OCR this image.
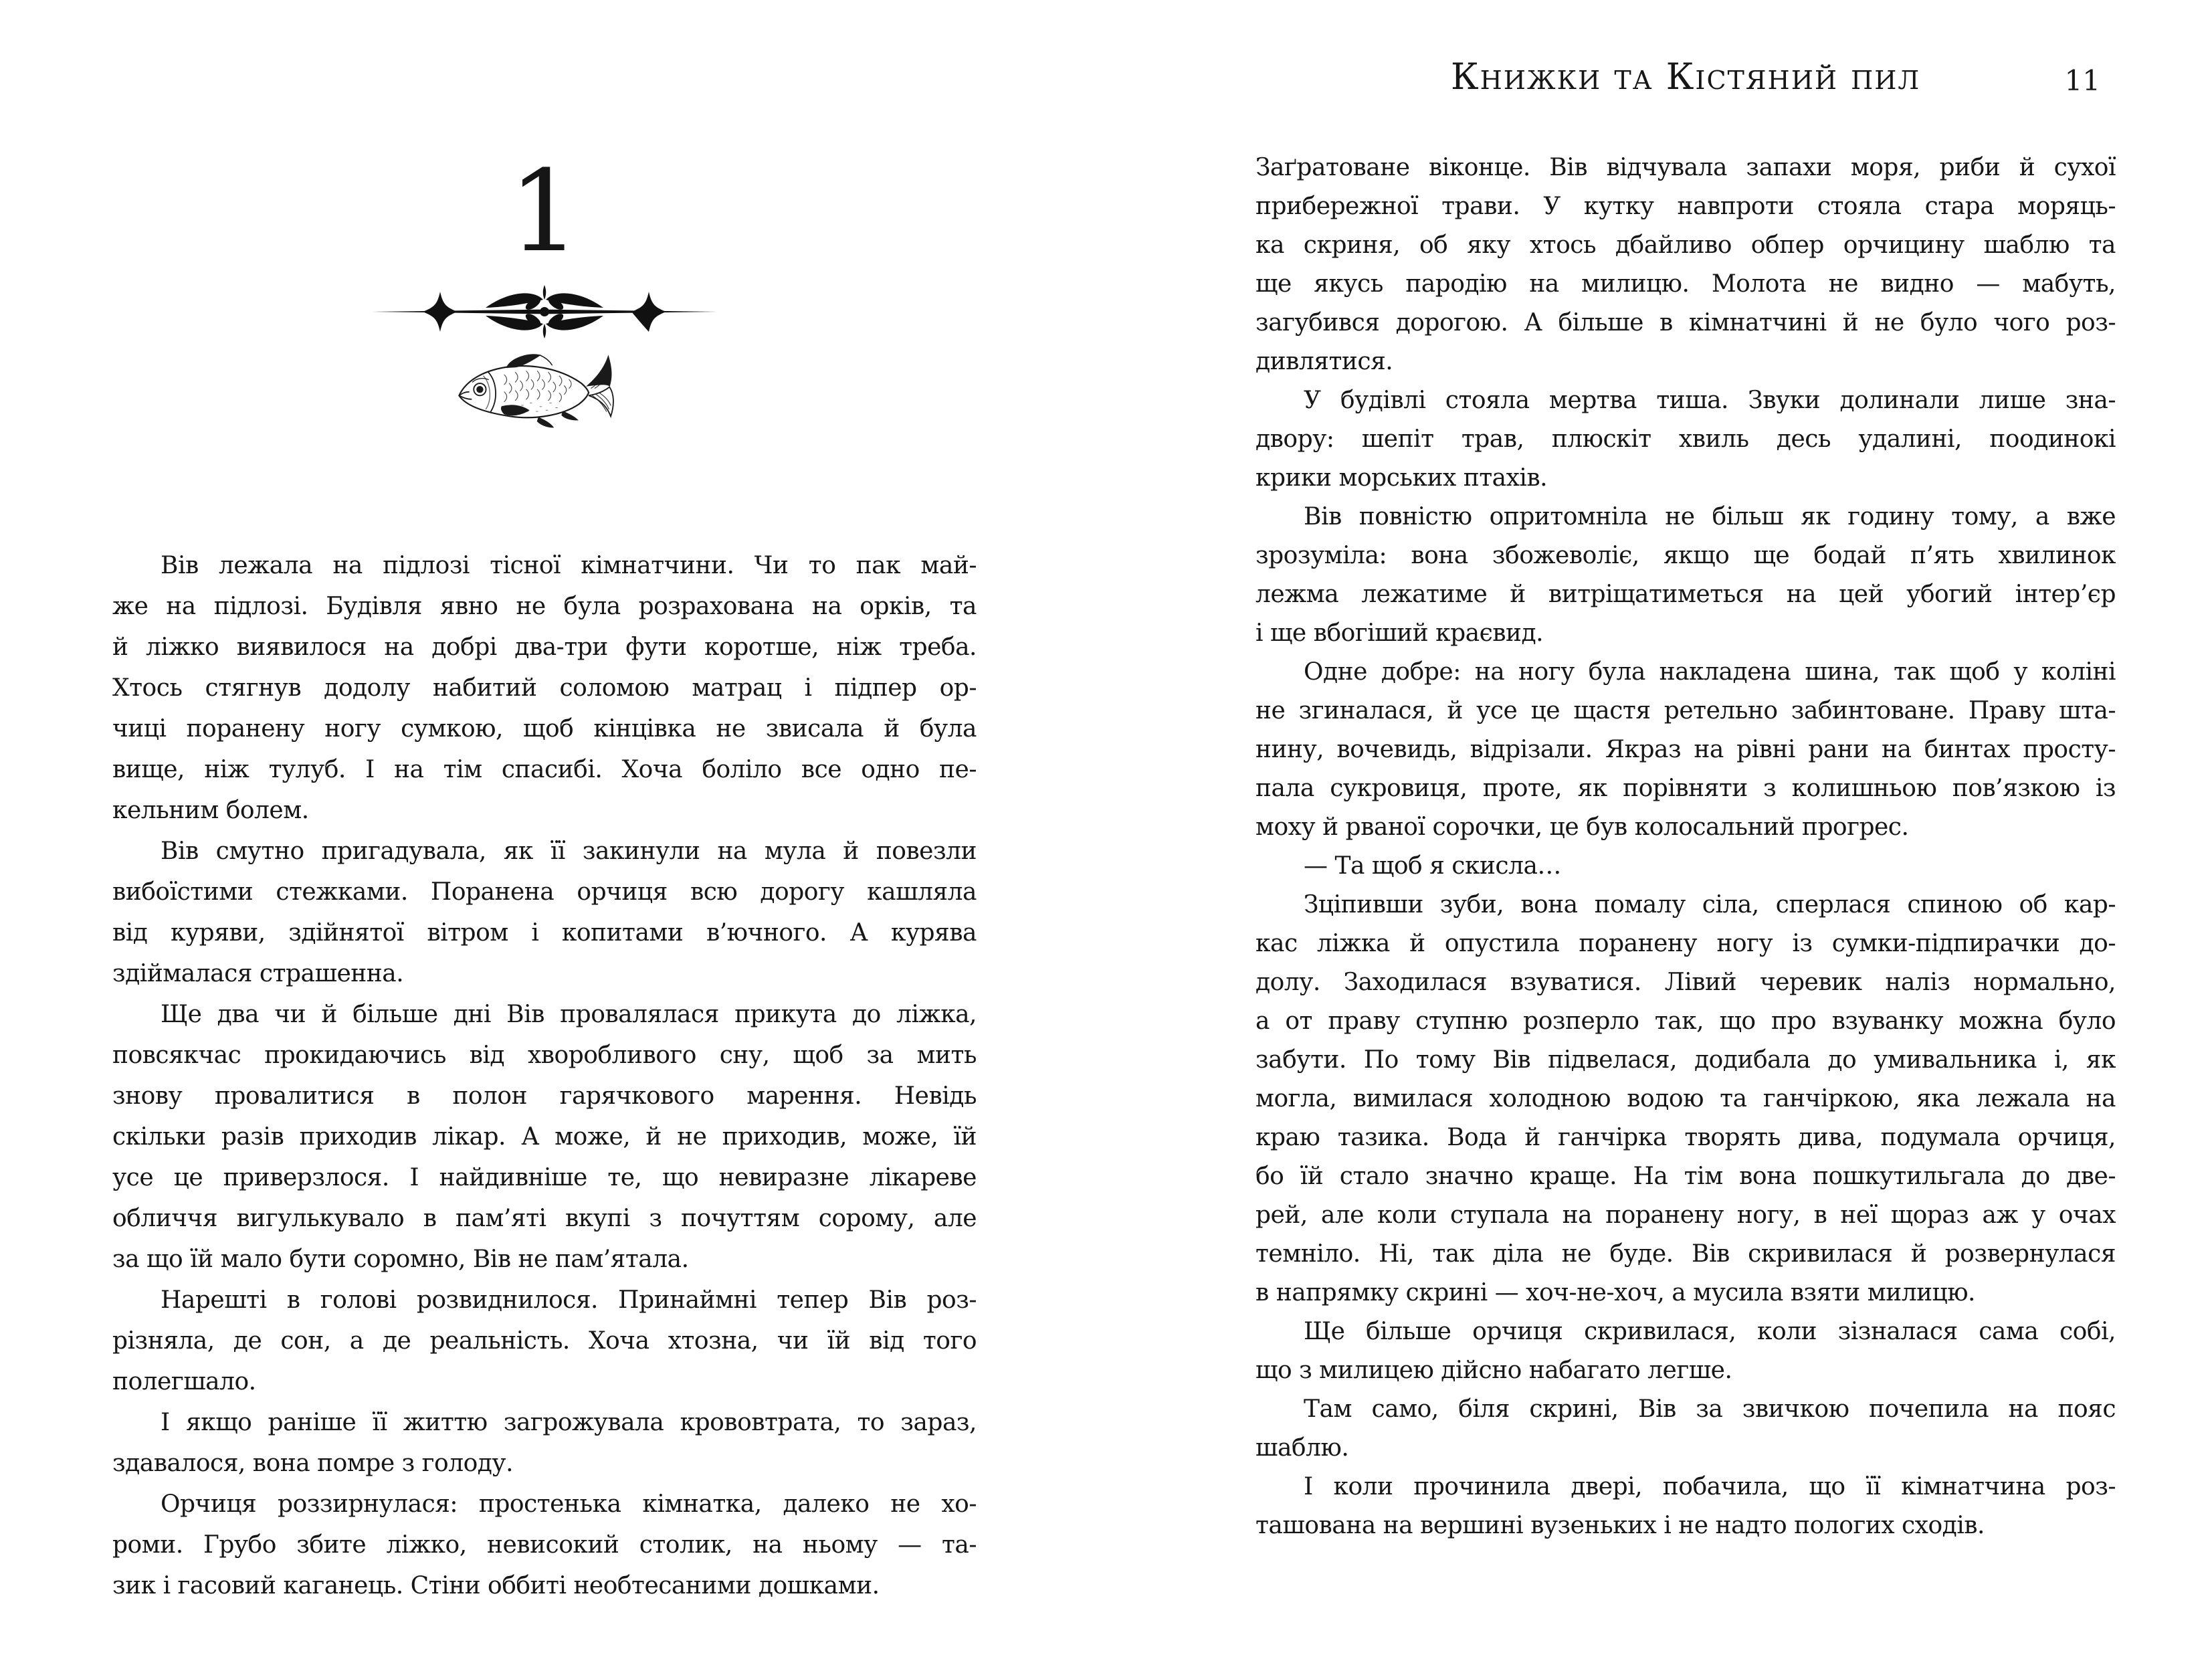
1
Вів лежала на підлозі тісної кімнатчини. Чи то пак май-
же на підлозі. Будівля явно не була розрахована на орків, та
й ліжко виявилося на добрі два-три фути коротше, ніж треба.
Хтось стягнув додолу набитий соломою матрац і підпер ор-
чиці поранену ногу сумкою, щоб кінцівка не звисала й була
вище, ніж тулуб. І на тім спасибі. Хоча боліло все одно пе-
кельним болем.
Вів смутно пригадувала, як її закинули на мула й повезли
вибоїстими стежками. Поранена орчиця всю дорогу кашляла
від куряви, здійнятої вітром і копитами в’ючного. А курява
здіймалася страшенна.
Ще два чи й більше дні Вів провалялася прикута до ліжка,
повсякчас прокидаючись від хворобливого сну, щоб за мить
знову провалитися в полон гарячкового марення. Невідь
скільки разів приходив лікар. А може, й не приходив, може, їй
усе це приверзлося. І найдивніше те, що невиразне лікареве
обличчя вигулькувало в пам’яті вкупі з почуттям сорому, але
за що їй мало бути соромно, Вів не пам’ятала.
Нарешті в голові розвиднилося. Принаймні тепер Вів роз-
різняла, де сон, а де реальність. Хоча хтозна, чи їй від того
полегшало.
І якщо раніше її життю загрожувала крововтрата, то зараз,
здавалося, вона помре з голоду.
Орчиця роззирнулася: простенька кімнатка, далеко не хо-
роми. Грубо збите ліжко, невисокий столик, на ньому — та-
зик і гасовий каганець. Стіни оббиті необтесаними дошками.
Книжки та Кістяний пил	11
Заґратоване віконце. Вів відчувала запахи моря, риби й сухої
прибережної трави. У кутку навпроти стояла стара моряць-
ка скриня, об яку хтось дбайливо обпер орчицину шаблю та
ще якусь пародію на милицю. Молота не видно — мабуть,
загубився дорогою. А більше в кімнатчині й не було чого роз-
дивлятися.
У будівлі стояла мертва тиша. Звуки долинали лише зна-
двору: шепіт трав, плюскіт хвиль десь удалині, поодинокі
крики морських птахів.
Вів повністю опритомніла не більш як годину тому, а вже
зрозуміла: вона збожеволіє, якщо ще бодай п’ять хвилинок
лежма лежатиме й витріщатиметься на цей убогий інтер’єр
і ще вбогіший краєвид.
Одне добре: на ногу була накладена шина, так щоб у коліні
не згиналася, й усе це щастя ретельно забинтоване. Праву шта-
нину, вочевидь, відрізали. Якраз на рівні рани на бинтах просту-
пала сукровиця, проте, як порівняти з колишньою пов’язкою із
моху й рваної сорочки, це був колосальний прогрес.
— Та щоб я скисла…
Зціпивши зуби, вона помалу сіла, сперлася спиною об кар-
кас ліжка й опустила поранену ногу із сумки-підпирачки до-
долу. Заходилася взуватися. Лівий черевик наліз нормально,
а от праву ступню розперло так, що про взуванку можна було
забути. По тому Вів підвелася, додибала до умивальника і, як
могла, вимилася холодною водою та ганчіркою, яка лежала на
краю тазика. Вода й ганчірка творять дива, подумала орчиця,
бо їй стало значно краще. На тім вона пошкутильгала до две-
рей, але коли ступала на поранену ногу, в неї щораз аж у очах
темніло. Ні, так діла не буде. Вів скривилася й розвернулася
в напрямку скрині — хоч-не-хоч, а мусила взяти милицю.
Ще більше орчиця скривилася, коли зізналася сама собі,
що з милицею дійсно набагато легше.
Там само, біля скрині, Вів за звичкою почепила на пояс
шаблю.
І коли прочинила двері, побачила, що її кімнатчина роз-
ташована на вершині вузеньких і не надто пологих сходів.
